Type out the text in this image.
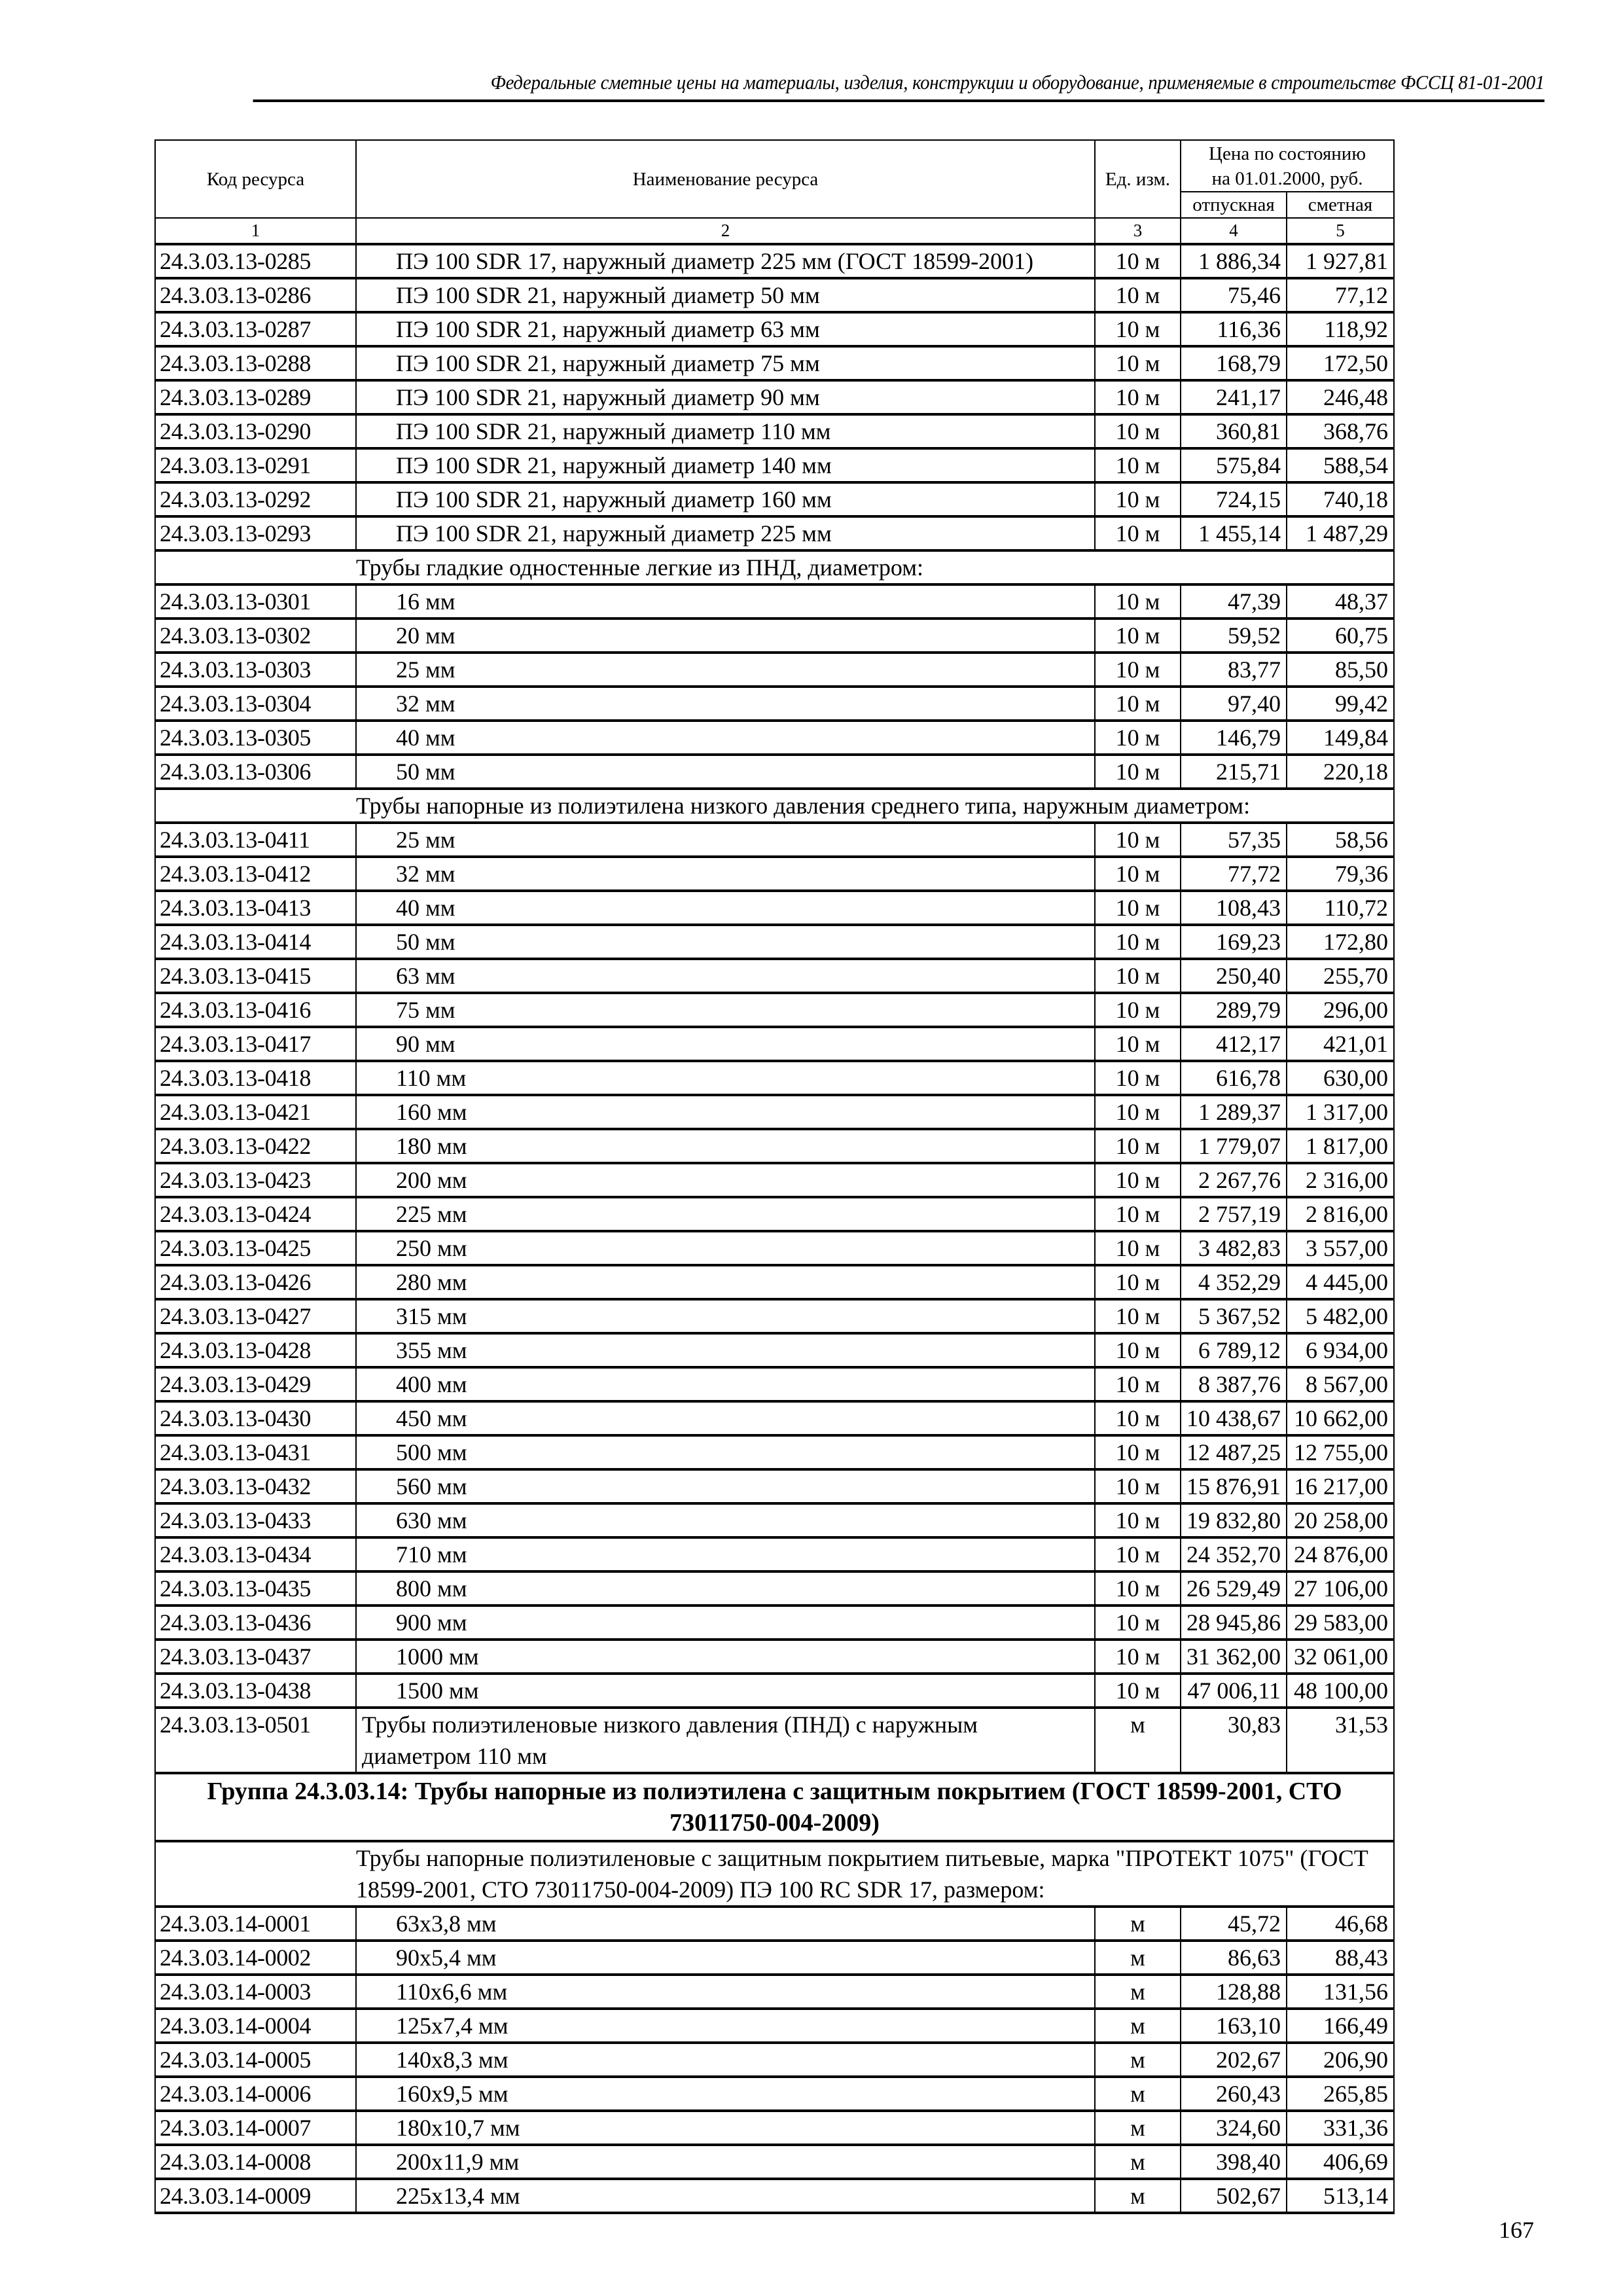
Федеральные сметные цены на материалы, изделия, конструкции и оборудование, применяемые в строительстве ФССЦ 81-01-2001
Код ресурса	Наименование ресурса	Ед. изм.	Цена по состоянию на 01.01.2000, руб.	
			отпускная	сметная
1	2	3	4	5
24.3.03.13-0285	ПЭ 100 SDR 17, наружный диаметр 225 мм (ГОСТ 18599-2001)	10 м	1 886,34	1 927,81
24.3.03.13-0286	ПЭ 100 SDR 21, наружный диаметр 50 мм	10 м	75,46	77,12
24.3.03.13-0287	ПЭ 100 SDR 21, наружный диаметр 63 мм	10 м	116,36	118,92
24.3.03.13-0288	ПЭ 100 SDR 21, наружный диаметр 75 мм	10 м	168,79	172,50
24.3.03.13-0289	ПЭ 100 SDR 21, наружный диаметр 90 мм	10 м	241,17	246,48
24.3.03.13-0290	ПЭ 100 SDR 21, наружный диаметр 110 мм	10 м	360,81	368,76
24.3.03.13-0291	ПЭ 100 SDR 21, наружный диаметр 140 мм	10 м	575,84	588,54
24.3.03.13-0292	ПЭ 100 SDR 21, наружный диаметр 160 мм	10 м	724,15	740,18
24.3.03.13-0293	ПЭ 100 SDR 21, наружный диаметр 225 мм	10 м	1 455,14	1 487,29
Трубы гладкие одностенные легкие из ПНД, диаметром:				
24.3.03.13-0301	16 мм	10 м	47,39	48,37
24.3.03.13-0302	20 мм	10 м	59,52	60,75
24.3.03.13-0303	25 мм	10 м	83,77	85,50
24.3.03.13-0304	32 мм	10 м	97,40	99,42
24.3.03.13-0305	40 мм	10 м	146,79	149,84
24.3.03.13-0306	50 мм	10 м	215,71	220,18
Трубы напорные из полиэтилена низкого давления среднего типа, наружным диаметром:				
24.3.03.13-0411	25 мм	10 м	57,35	58,56
24.3.03.13-0412	32 мм	10 м	77,72	79,36
24.3.03.13-0413	40 мм	10 м	108,43	110,72
24.3.03.13-0414	50 мм	10 м	169,23	172,80
24.3.03.13-0415	63 мм	10 м	250,40	255,70
24.3.03.13-0416	75 мм	10 м	289,79	296,00
24.3.03.13-0417	90 мм	10 м	412,17	421,01
24.3.03.13-0418	110 мм	10 м	616,78	630,00
24.3.03.13-0421	160 мм	10 м	1 289,37	1 317,00
24.3.03.13-0422	180 мм	10 м	1 779,07	1 817,00
24.3.03.13-0423	200 мм	10 м	2 267,76	2 316,00
24.3.03.13-0424	225 мм	10 м	2 757,19	2 816,00
24.3.03.13-0425	250 мм	10 м	3 482,83	3 557,00
24.3.03.13-0426	280 мм	10 м	4 352,29	4 445,00
24.3.03.13-0427	315 мм	10 м	5 367,52	5 482,00
24.3.03.13-0428	355 мм	10 м	6 789,12	6 934,00
24.3.03.13-0429	400 мм	10 м	8 387,76	8 567,00
24.3.03.13-0430	450 мм	10 м	10 438,67	10 662,00
24.3.03.13-0431	500 мм	10 м	12 487,25	12 755,00
24.3.03.13-0432	560 мм	10 м	15 876,91	16 217,00
24.3.03.13-0433	630 мм	10 м	19 832,80	20 258,00
24.3.03.13-0434	710 мм	10 м	24 352,70	24 876,00
24.3.03.13-0435	800 мм	10 м	26 529,49	27 106,00
24.3.03.13-0436	900 мм	10 м	28 945,86	29 583,00
24.3.03.13-0437	1000 мм	10 м	31 362,00	32 061,00
24.3.03.13-0438	1500 мм	10 м	47 006,11	48 100,00
24.3.03.13-0501	Трубы полиэтиленовые низкого давления (ПНД) с наружным диаметром 110 мм	м	30,83	31,53
Группа 24.3.03.14: Трубы напорные из полиэтилена с защитным покрытием (ГОСТ 18599-2001, СТО 73011750-004-2009)				
Трубы напорные полиэтиленовые с защитным покрытием питьевые, марка "ПРОТЕКТ 1075" (ГОСТ 18599-2001, СТО 73011750-004-2009) ПЭ 100 RC SDR 17, размером:				
24.3.03.14-0001	63x3,8 мм	м	45,72	46,68
24.3.03.14-0002	90x5,4 мм	м	86,63	88,43
24.3.03.14-0003	110x6,6 мм	м	128,88	131,56
24.3.03.14-0004	125x7,4 мм	м	163,10	166,49
24.3.03.14-0005	140x8,3 мм	м	202,67	206,90
24.3.03.14-0006	160x9,5 мм	м	260,43	265,85
24.3.03.14-0007	180x10,7 мм	м	324,60	331,36
24.3.03.14-0008	200x11,9 мм	м	398,40	406,69
24.3.03.14-0009	225x13,4 мм	м	502,67	513,14
167
